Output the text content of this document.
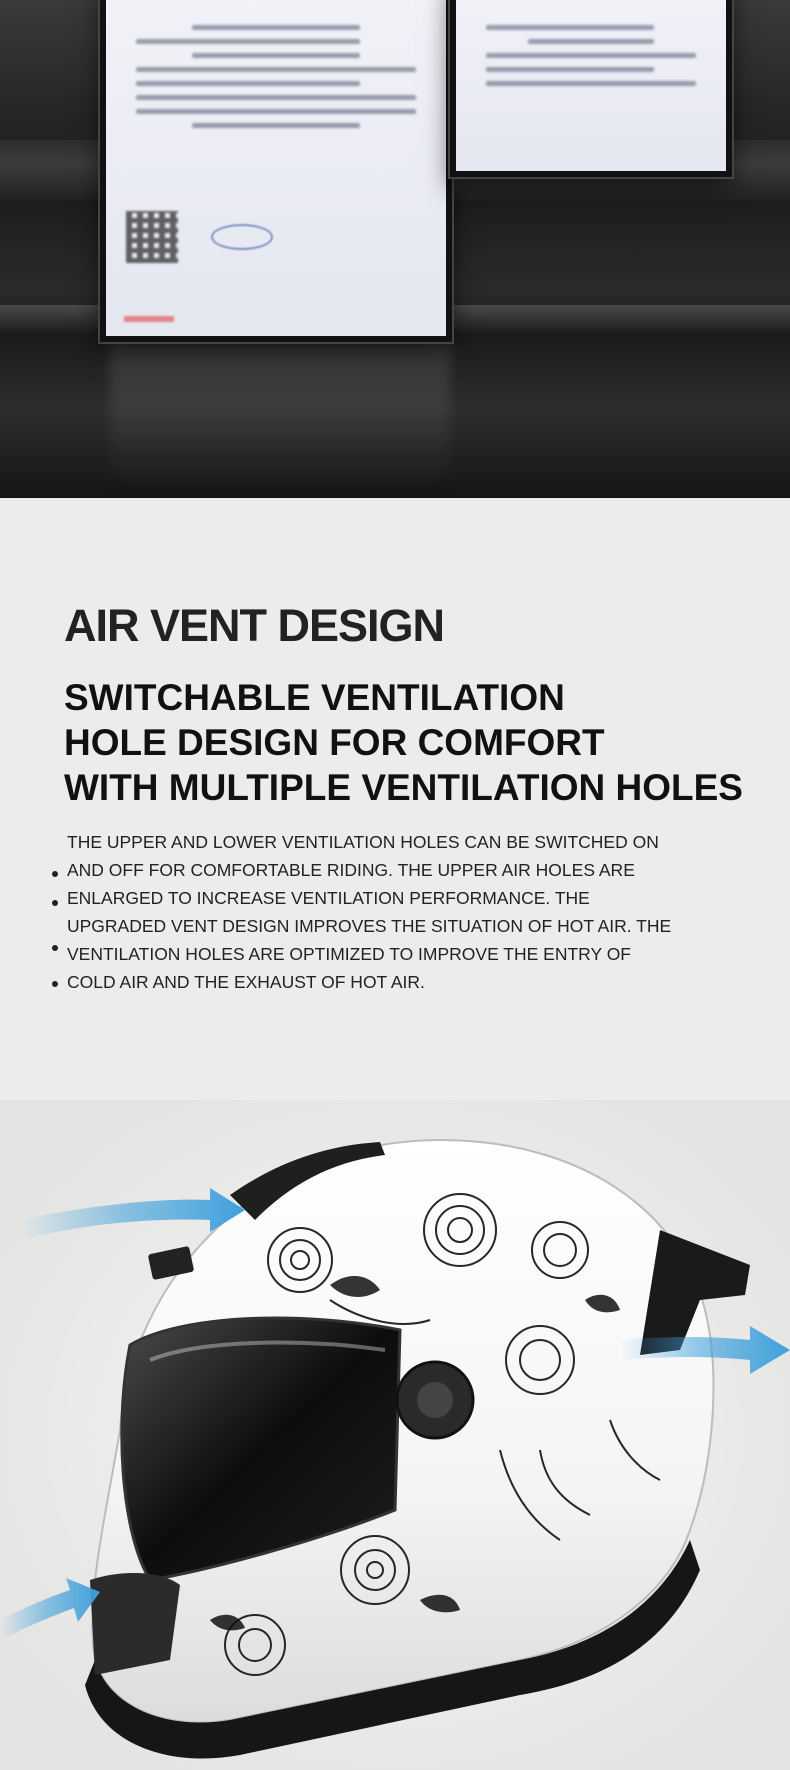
AIR VENT DESIGN
SWITCHABLE VENTILATION
HOLE DESIGN FOR COMFORT
WITH MULTIPLE VENTILATION HOLES

THE UPPER AND LOWER VENTILATION HOLES CAN BE SWITCHED ON
AND OFF FOR COMFORTABLE RIDING. THE UPPER AIR HOLES ARE
ENLARGED TO INCREASE VENTILATION PERFORMANCE. THE
UPGRADED VENT DESIGN IMPROVES THE SITUATION OF HOT AIR. THE
VENTILATION HOLES ARE OPTIMIZED TO IMPROVE THE ENTRY OF
COLD AIR AND THE EXHAUST OF HOT AIR.
